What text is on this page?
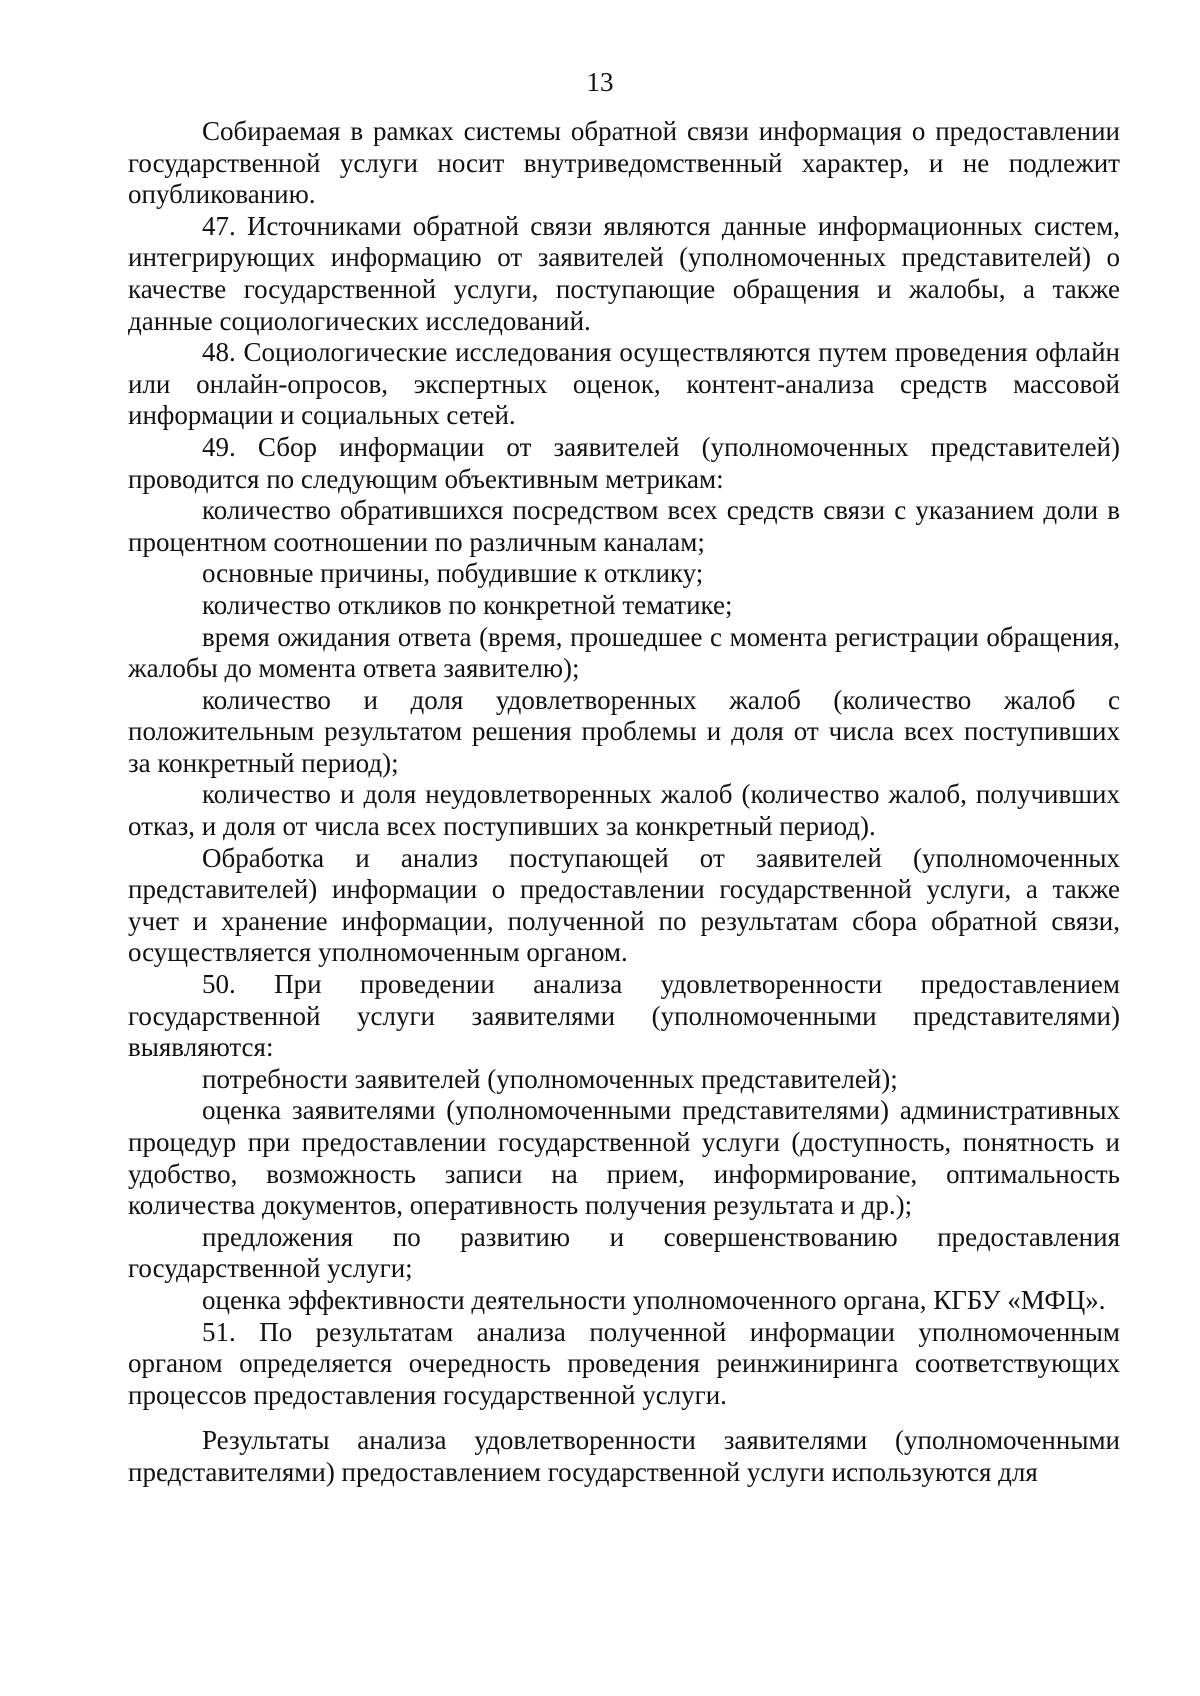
13

Собираемая в рамках системы обратной связи информация о предоставлении государственной услуги носит внутриведомственный характер, и не подлежит опубликованию.

47. Источниками обратной связи являются данные информационных систем, интегрирующих информацию от заявителей (уполномоченных представителей) о качестве государственной услуги, поступающие обращения и жалобы, а также данные социологических исследований.

48. Социологические исследования осуществляются путем проведения офлайн или онлайн-опросов, экспертных оценок, контент-анализа средств массовой информации и социальных сетей.

49. Сбор информации от заявителей (уполномоченных представителей) проводится по следующим объективным метрикам:

количество обратившихся посредством всех средств связи с указанием доли в процентном соотношении по различным каналам;

основные причины, побудившие к отклику;

количество откликов по конкретной тематике;

время ожидания ответа (время, прошедшее с момента регистрации обращения, жалобы до момента ответа заявителю);

количество и доля удовлетворенных жалоб (количество жалоб с положительным результатом решения проблемы и доля от числа всех поступивших за конкретный период);

количество и доля неудовлетворенных жалоб (количество жалоб, получивших отказ, и доля от числа всех поступивших за конкретный период).

Обработка и анализ поступающей от заявителей (уполномоченных представителей) информации о предоставлении государственной услуги, а также учет и хранение информации, полученной по результатам сбора обратной связи, осуществляется уполномоченным органом.

50. При проведении анализа удовлетворенности предоставлением государственной услуги заявителями (уполномоченными представителями) выявляются:

потребности заявителей (уполномоченных представителей);

оценка заявителями (уполномоченными представителями) административных процедур при предоставлении государственной услуги (доступность, понятность и удобство, возможность записи на прием, информирование, оптимальность количества документов, оперативность получения результата и др.);

предложения по развитию и совершенствованию предоставления государственной услуги;

оценка эффективности деятельности уполномоченного органа, КГБУ «МФЦ».

51. По результатам анализа полученной информации уполномоченным органом определяется очередность проведения реинжиниринга соответствующих процессов предоставления государственной услуги.

Результаты анализа удовлетворенности заявителями (уполномоченными представителями) предоставлением государственной услуги используются для
